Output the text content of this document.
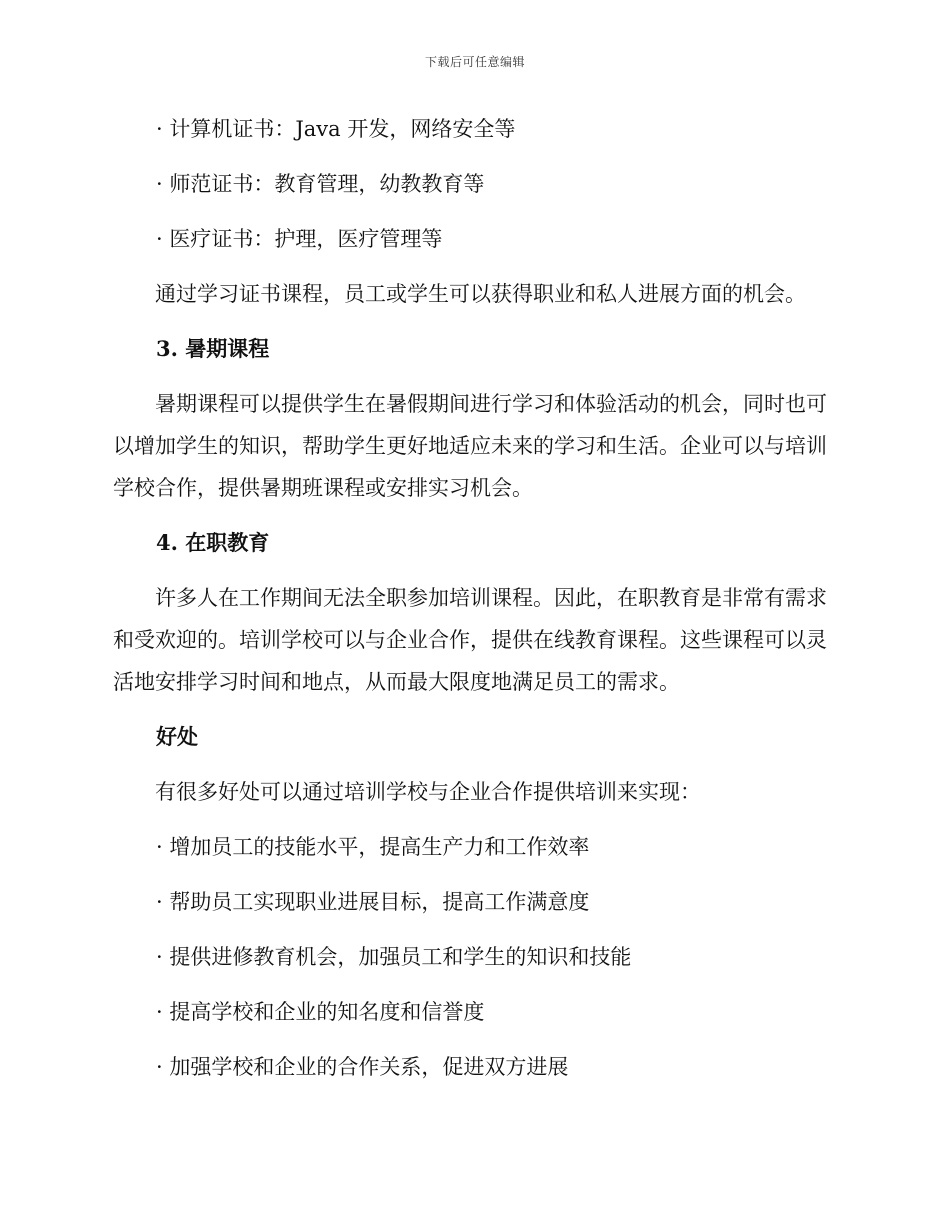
下载后可任意编辑

· 计算机证书：Java 开发，网络安全等

· 师范证书：教育管理，幼教教育等

· 医疗证书：护理，医疗管理等

通过学习证书课程，员工或学生可以获得职业和私人进展方面的机会。

3. 暑期课程

暑期课程可以提供学生在暑假期间进行学习和体验活动的机会，同时也可以增加学生的知识，帮助学生更好地适应未来的学习和生活。企业可以与培训学校合作，提供暑期班课程或安排实习机会。

4. 在职教育

许多人在工作期间无法全职参加培训课程。因此，在职教育是非常有需求和受欢迎的。培训学校可以与企业合作，提供在线教育课程。这些课程可以灵活地安排学习时间和地点，从而最大限度地满足员工的需求。

好处

有很多好处可以通过培训学校与企业合作提供培训来实现：

· 增加员工的技能水平，提高生产力和工作效率

· 帮助员工实现职业进展目标，提高工作满意度

· 提供进修教育机会，加强员工和学生的知识和技能

· 提高学校和企业的知名度和信誉度

· 加强学校和企业的合作关系，促进双方进展
